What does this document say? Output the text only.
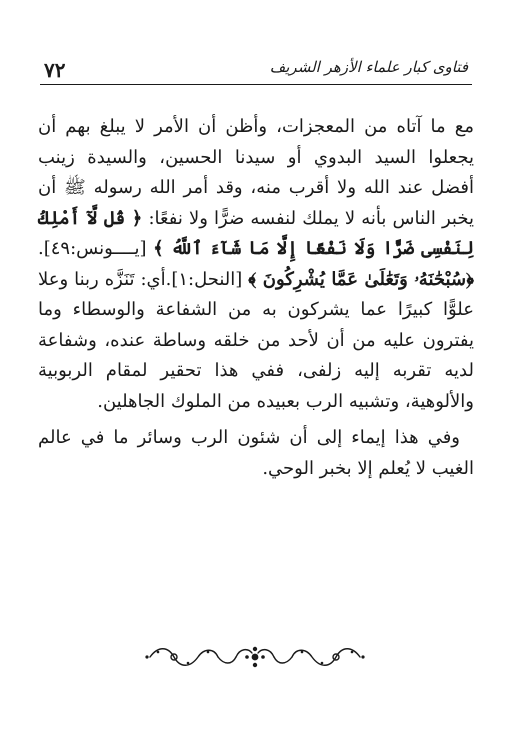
٧٢	فتاوى كبار علماء الأزهر الشريف

مع ما آتاه من المعجزات، وأظن أن الأمر لا يبلغ بهم أن يجعلوا السيد البدوي أو سيدنا الحسين، والسيدة زينب أفضل عند الله ولا أقرب منه، وقد أمر الله رسوله ﷺ أن يخبر الناس بأنه لا يملك لنفسه ضرًّا ولا نفعًا: ﴿ قُل لَّآ أَمْلِكُ لِنَفْسِى ضَرًّا وَلَا نَفْعًا إِلَّا مَا شَآءَ ٱللَّهُ ﴾ [يــــونس:٤٩]. ﴿سُبْحَٰنَهُۥ وَتَعَٰلَىٰ عَمَّا يُشْرِكُونَ ﴾ [النحل:١].أي: تَنَزَّه ربنا وعلا علوًّا كبيرًا عما يشركون به من الشفاعة والوسطاء وما يفترون عليه من أن لأحد من خلقه وساطة عنده، وشفاعة لديه تقربه إليه زلفى، ففي هذا تحقير لمقام الربوبية والألوهية، وتشبيه الرب بعبيده من الملوك الجاهلين.

وفي هذا إيماء إلى أن شئون الرب وسائر ما في عالم الغيب لا يُعلم إلا بخبر الوحي.
